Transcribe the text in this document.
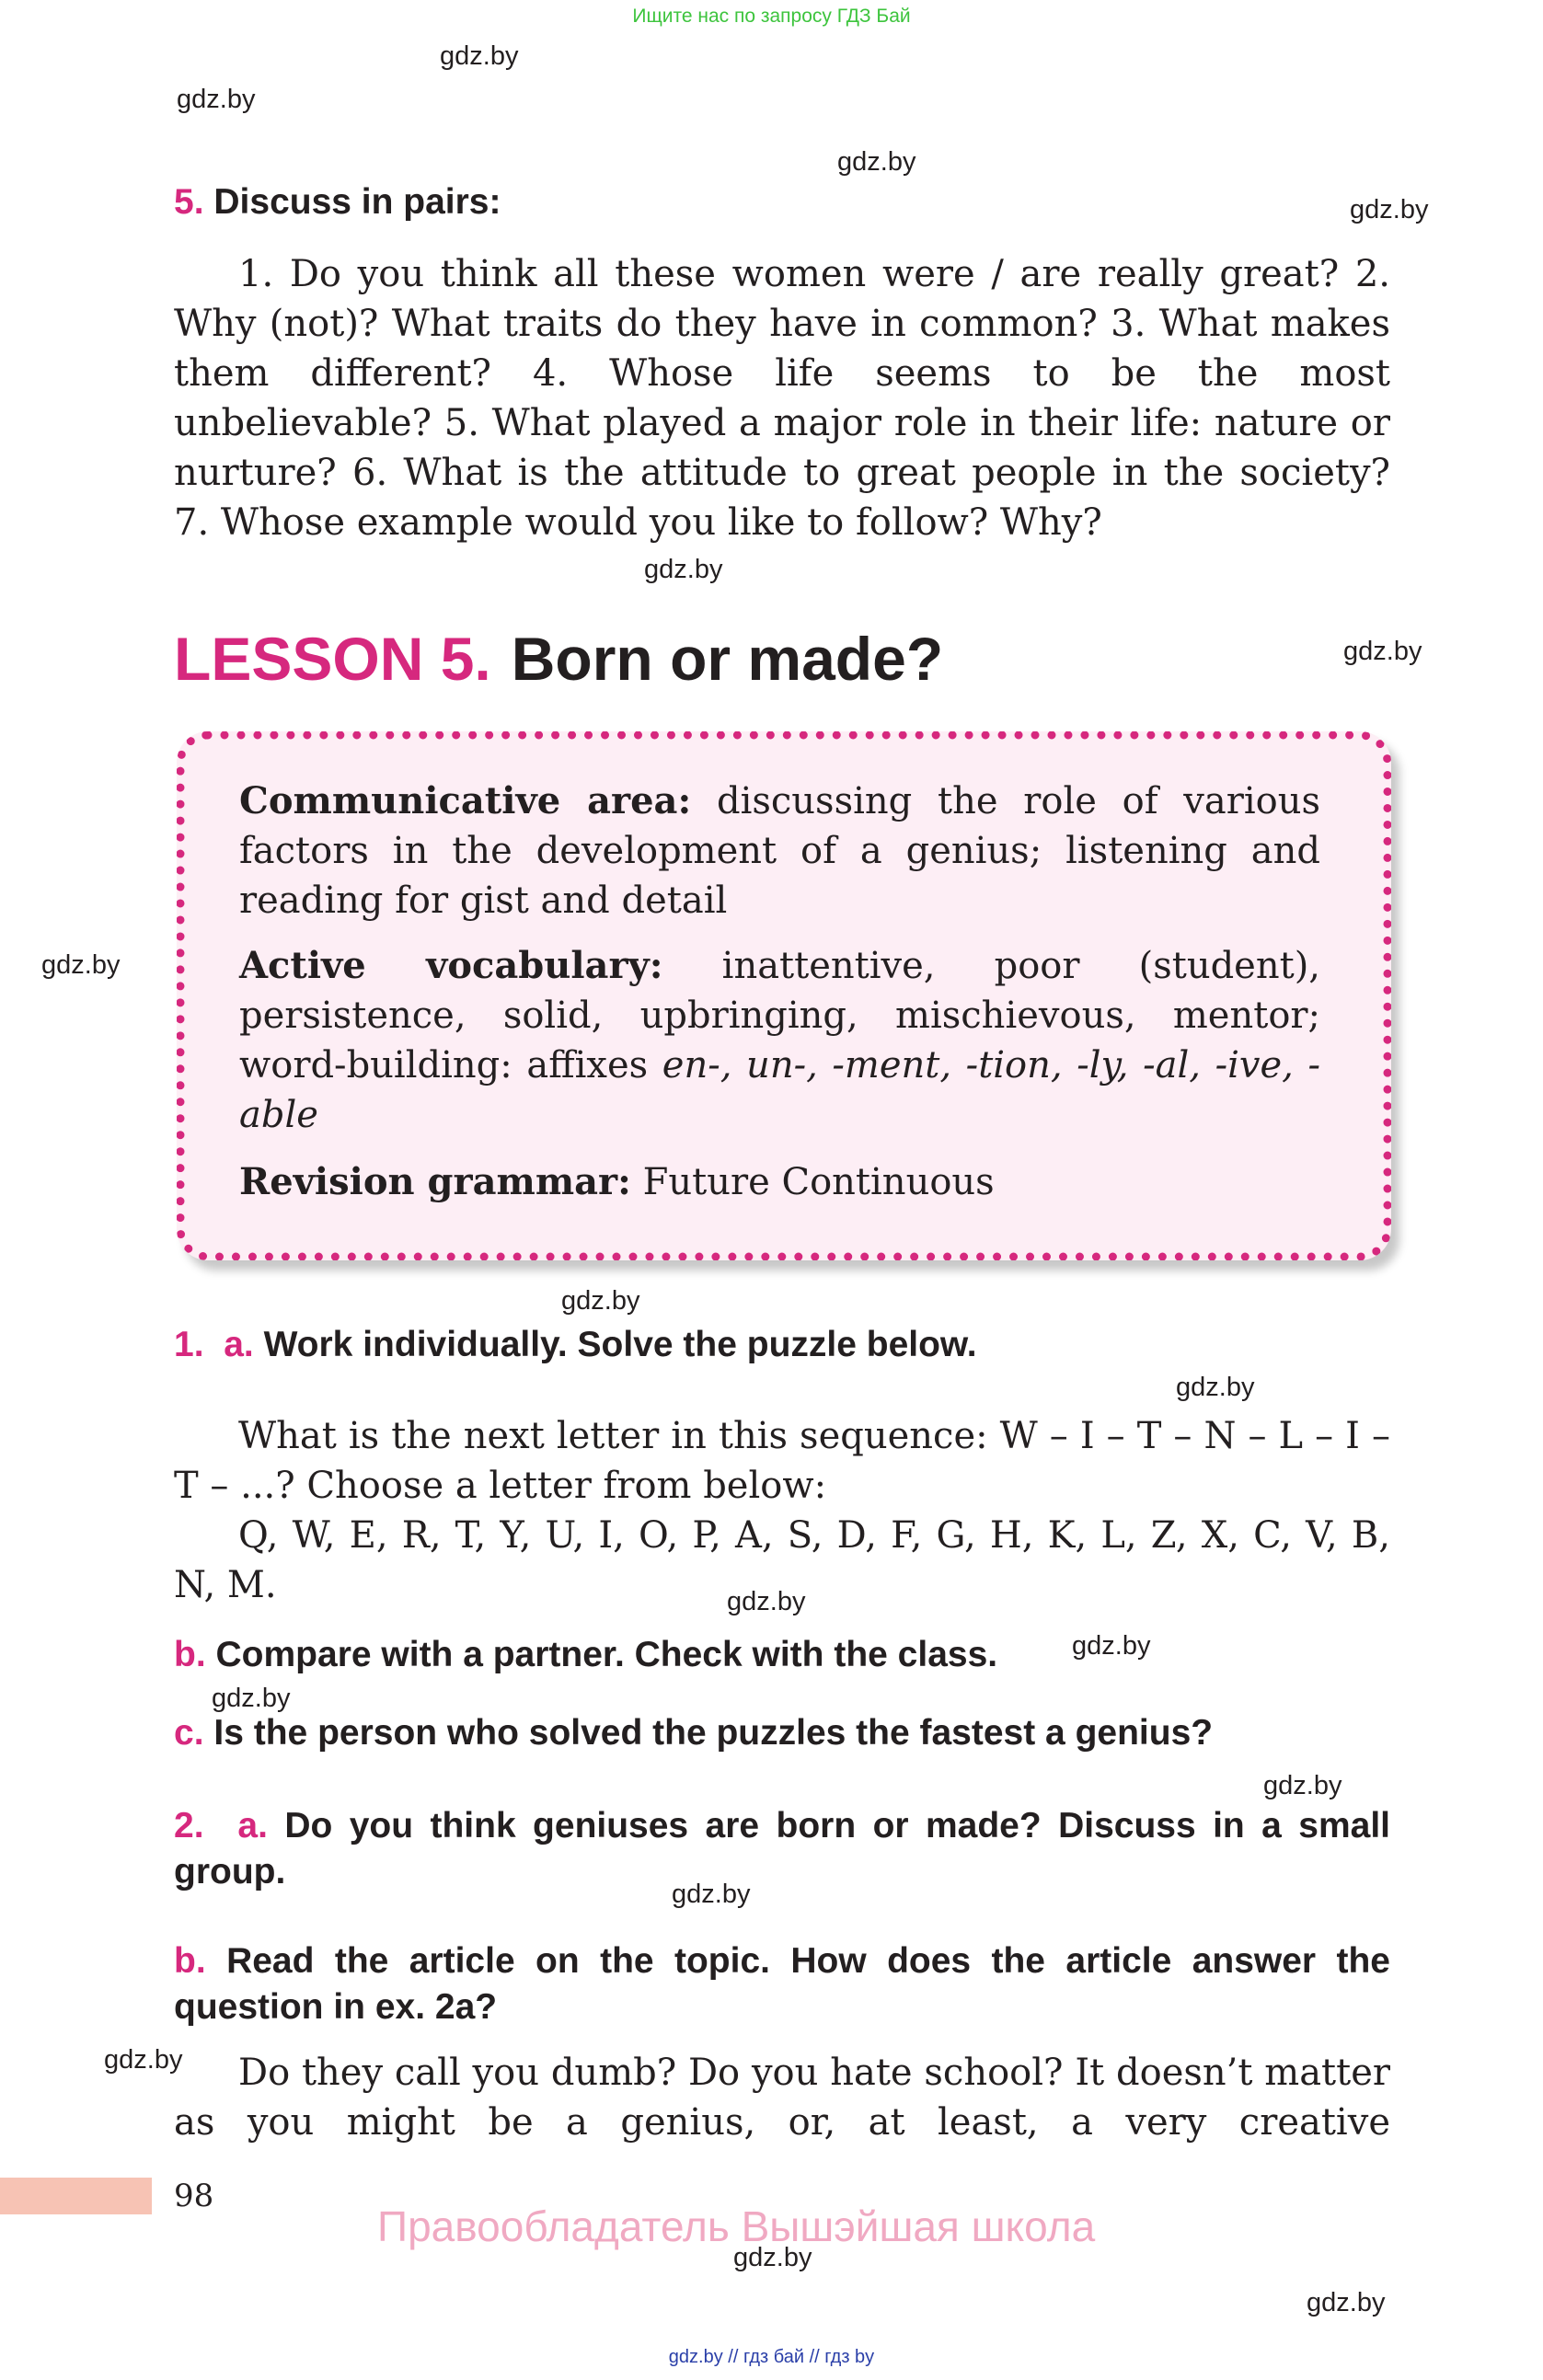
Ищите нас по запросу ГДЗ Бай
gdz.by
gdz.by
gdz.by
gdz.by
gdz.by
gdz.by
gdz.by
gdz.by
gdz.by
gdz.by
gdz.by
gdz.by
gdz.by
gdz.by
gdz.by
gdz.by
gdz.by
5. Discuss in pairs:
1. Do you think all these women were / are really great? 2. Why (not)? What traits do they have in common? 3. What makes them different? 4. Whose life seems to be the most unbelievable? 5. What played a major role in their life: nature or nurture? 6. What is the attitude to great people in the society? 7. Whose example would you like to follow? Why?
LESSON 5. Born or made?
Communicative area: discussing the role of various factors in the development of a genius; listening and reading for gist and detail
Active vocabulary: inattentive, poor (student), persistence, solid, upbringing, mischievous, mentor; word-building: affixes en-, un-, -ment, -tion, -ly, -al, -ive, -able
Revision grammar: Future Continuous
1. a. Work individually. Solve the puzzle below.
What is the next letter in this sequence: W – I – T – N – L – I – T – ...? Choose a letter from below:
Q, W, E, R, T, Y, U, I, O, P, A, S, D, F, G, H, K, L, Z, X, C, V, B, N, M.
b. Compare with a partner. Check with the class.
c. Is the person who solved the puzzles the fastest a genius?
2. a. Do you think geniuses are born or made? Discuss in a small group.
b. Read the article on the topic. How does the article answer the question in ex. 2a?
Do they call you dumb? Do you hate school? It doesn’t matter as you might be a genius, or, at least, a very creative
98
Правообладатель Вышэйшая школа
gdz.by // гдз бай // гдз by
